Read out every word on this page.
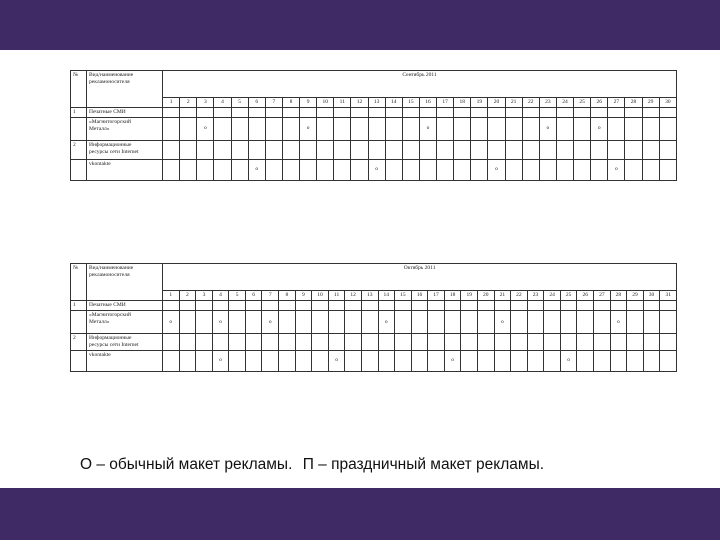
№	Вид/наименование
рекламоносителя	Сентябрь 2011																													
		1	2	3	4	5	6	7	8	9	10	11	12	13	14	15	16	17	18	19	20	21	22	23	24	25	26	27	28	29	30
1	Печатные СМИ																														

	«Магнитогорский
Металл»			о						о							о							о			о				
2	Информационные
ресурсы сети Internet																														

	vkontakte						о							о							о							о			
№	Вид/наименование
рекламоносителя	Октябрь 2011																														
		1	2	3	4	5	6	7	8	9	10	11	12	13	14	15	16	17	18	19	20	21	22	23	24	25	26	27	28	29	30	31
1	Печатные СМИ																															

	«Магнитогорский
Металл»	о			о			о							о							о							о			
2	Информационные
ресурсы сети Internet																															

	vkontakte				о							о							о							о						
О – обычный макет рекламы. П – праздничный макет рекламы.
